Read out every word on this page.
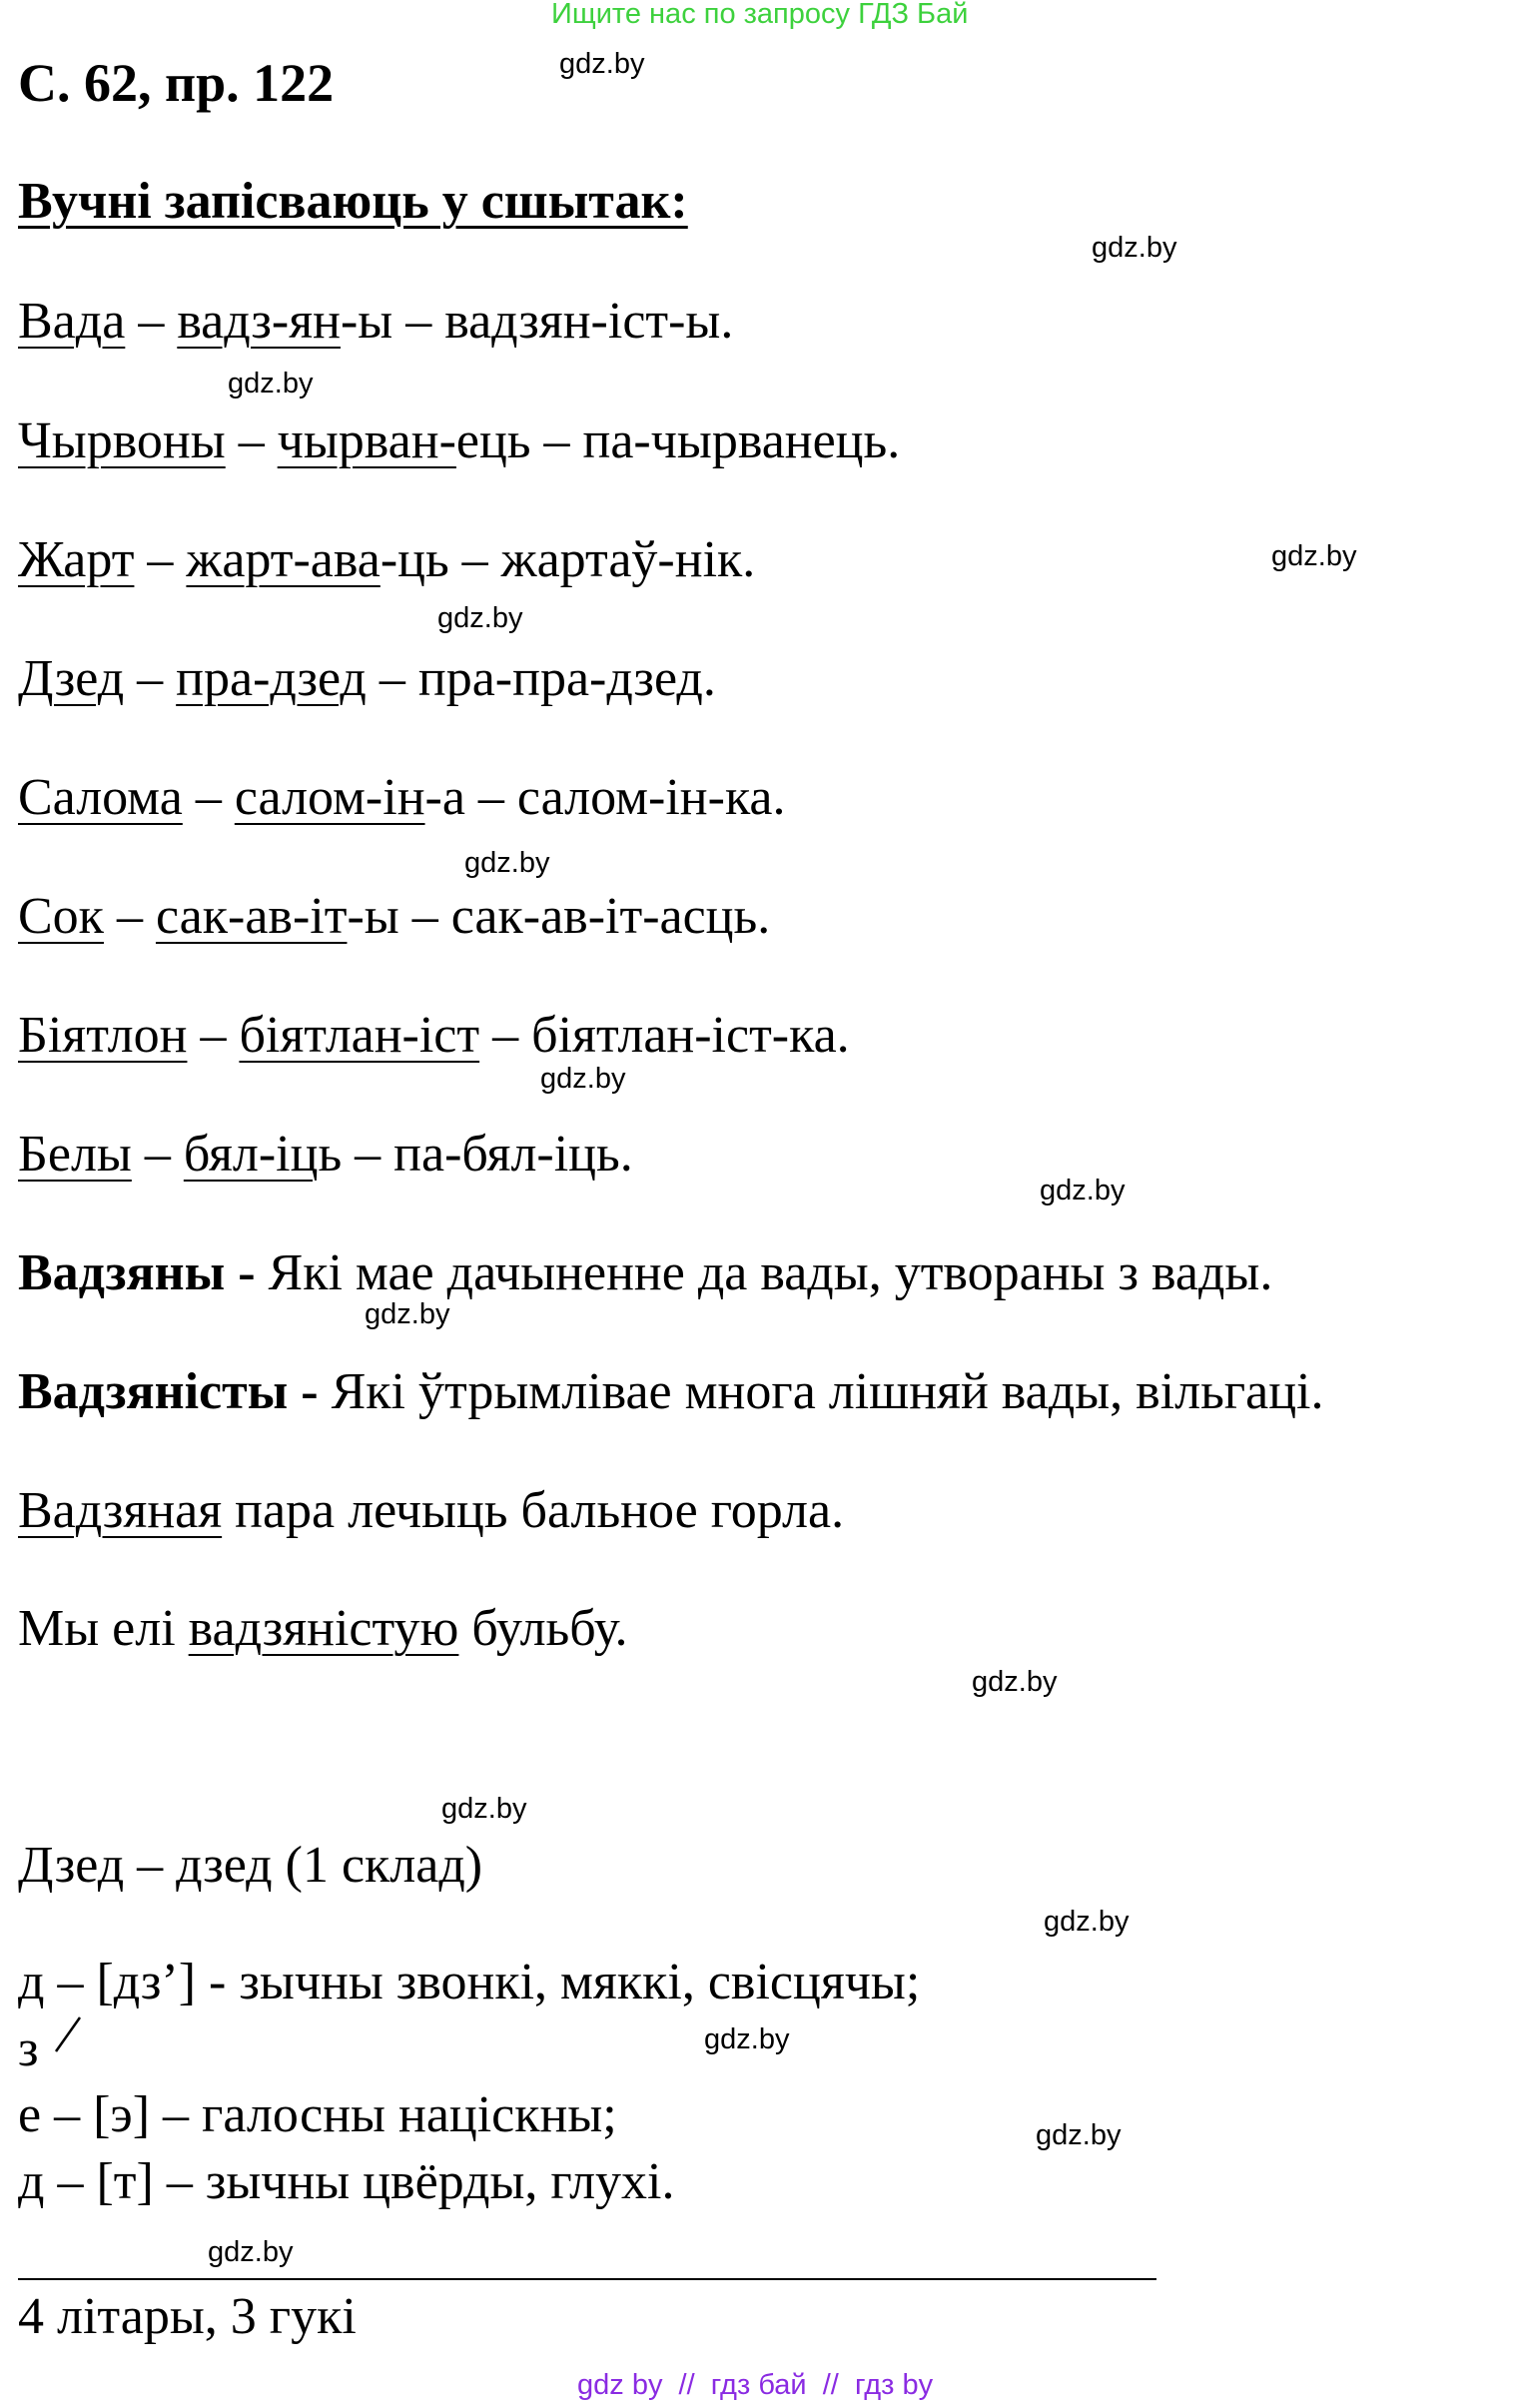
Ищите нас по запросу ГДЗ Бай
С. 62, пр. 122
Вучні запісваюць у сшытак:
Вада – вадз-ян-ы – вадзян-іст-ы.
Чырвоны – чырван-ець – па-чырванець.
Жарт – жарт-ава-ць – жартаў-нік.
Дзед – пра-дзед – пра-пра-дзед.
Салома – салом-ін-а – салом-ін-ка.
Сок – сак-ав-іт-ы – сак-ав-іт-асць.
Біятлон – біятлан-іст – біятлан-іст-ка.
Белы – бял-іць – па-бял-іць.
Вадзяны - Які мае дачыненне да вады, утвораны з вады.
Вадзяністы - Які ўтрымлівае многа лішняй вады, вільгаці.
Вадзяная пара лечыць бальное горла.
Мы елі вадзяністую бульбу.
Дзед – дзед (1 склад)
д – [дз’] - зычны звонкі, мяккі, свісцячы;
з
е – [э] – галосны націскны;
д – [т] – зычны цвёрды, глухі.
4 літары, 3 гукі
gdz.by
gdz.by
gdz.by
gdz.by
gdz.by
gdz.by
gdz.by
gdz.by
gdz.by
gdz.by
gdz.by
gdz.by
gdz.by
gdz.by
gdz.by
gdz by  //  гдз бай  //  гдз by
